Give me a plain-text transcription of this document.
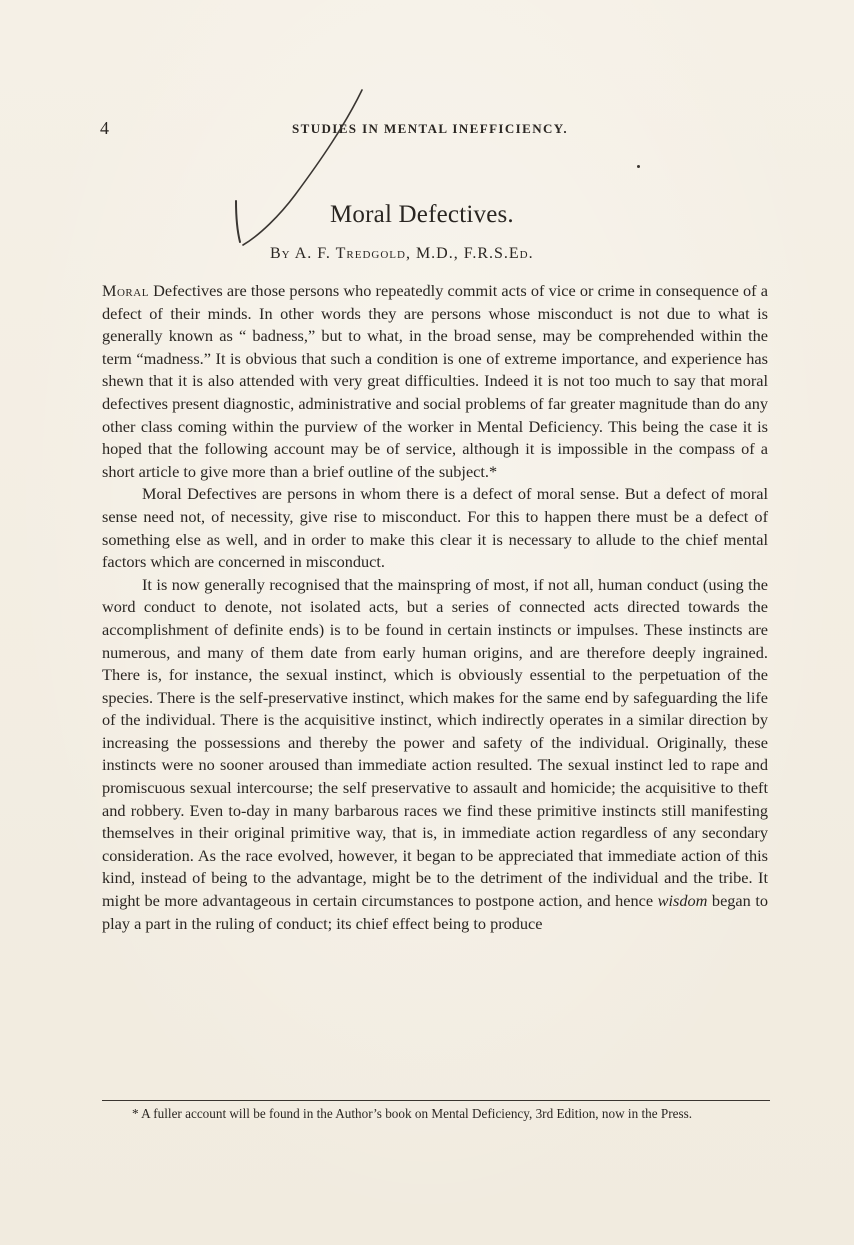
4	STUDIES IN MENTAL INEFFICIENCY.
Moral Defectives.
By A. F. Tredgold, M.D., F.R.S.Ed.

Moral Defectives are those persons who repeatedly commit acts of vice or crime in consequence of a defect of their minds. In other words they are persons whose misconduct is not due to what is generally known as “ badness,” but to what, in the broad sense, may be comprehended within the term “madness.” It is obvious that such a condition is one of extreme importance, and experience has shewn that it is also attended with very great difficulties. Indeed it is not too much to say that moral defectives present diagnostic, administrative and social problems of far greater magnitude than do any other class coming within the purview of the worker in Mental Deficiency. This being the case it is hoped that the following account may be of service, although it is impossible in the compass of a short article to give more than a brief outline of the subject.*

Moral Defectives are persons in whom there is a defect of moral sense. But a defect of moral sense need not, of necessity, give rise to misconduct. For this to happen there must be a defect of something else as well, and in order to make this clear it is necessary to allude to the chief mental factors which are concerned in misconduct.

It is now generally recognised that the mainspring of most, if not all, human conduct (using the word conduct to denote, not isolated acts, but a series of connected acts directed towards the accomplishment of definite ends) is to be found in certain instincts or impulses. These instincts are numerous, and many of them date from early human origins, and are therefore deeply ingrained. There is, for instance, the sexual instinct, which is obviously essential to the perpetuation of the species. There is the self-preservative instinct, which makes for the same end by safeguarding the life of the individual. There is the acquisitive instinct, which indirectly operates in a similar direction by increasing the possessions and thereby the power and safety of the individual. Originally, these instincts were no sooner aroused than immediate action resulted. The sexual instinct led to rape and promiscuous sexual intercourse; the self preservative to assault and homicide; the acquisitive to theft and robbery. Even to-day in many barbarous races we find these primitive instincts still manifesting themselves in their original primitive way, that is, in immediate action regardless of any secondary consideration. As the race evolved, however, it began to be appreciated that immediate action of this kind, instead of being to the advantage, might be to the detriment of the individual and the tribe. It might be more advantageous in certain circumstances to postpone action, and hence wisdom began to play a part in the ruling of conduct; its chief effect being to produce

* A fuller account will be found in the Author’s book on Mental Deficiency, 3rd Edition, now in the Press.
